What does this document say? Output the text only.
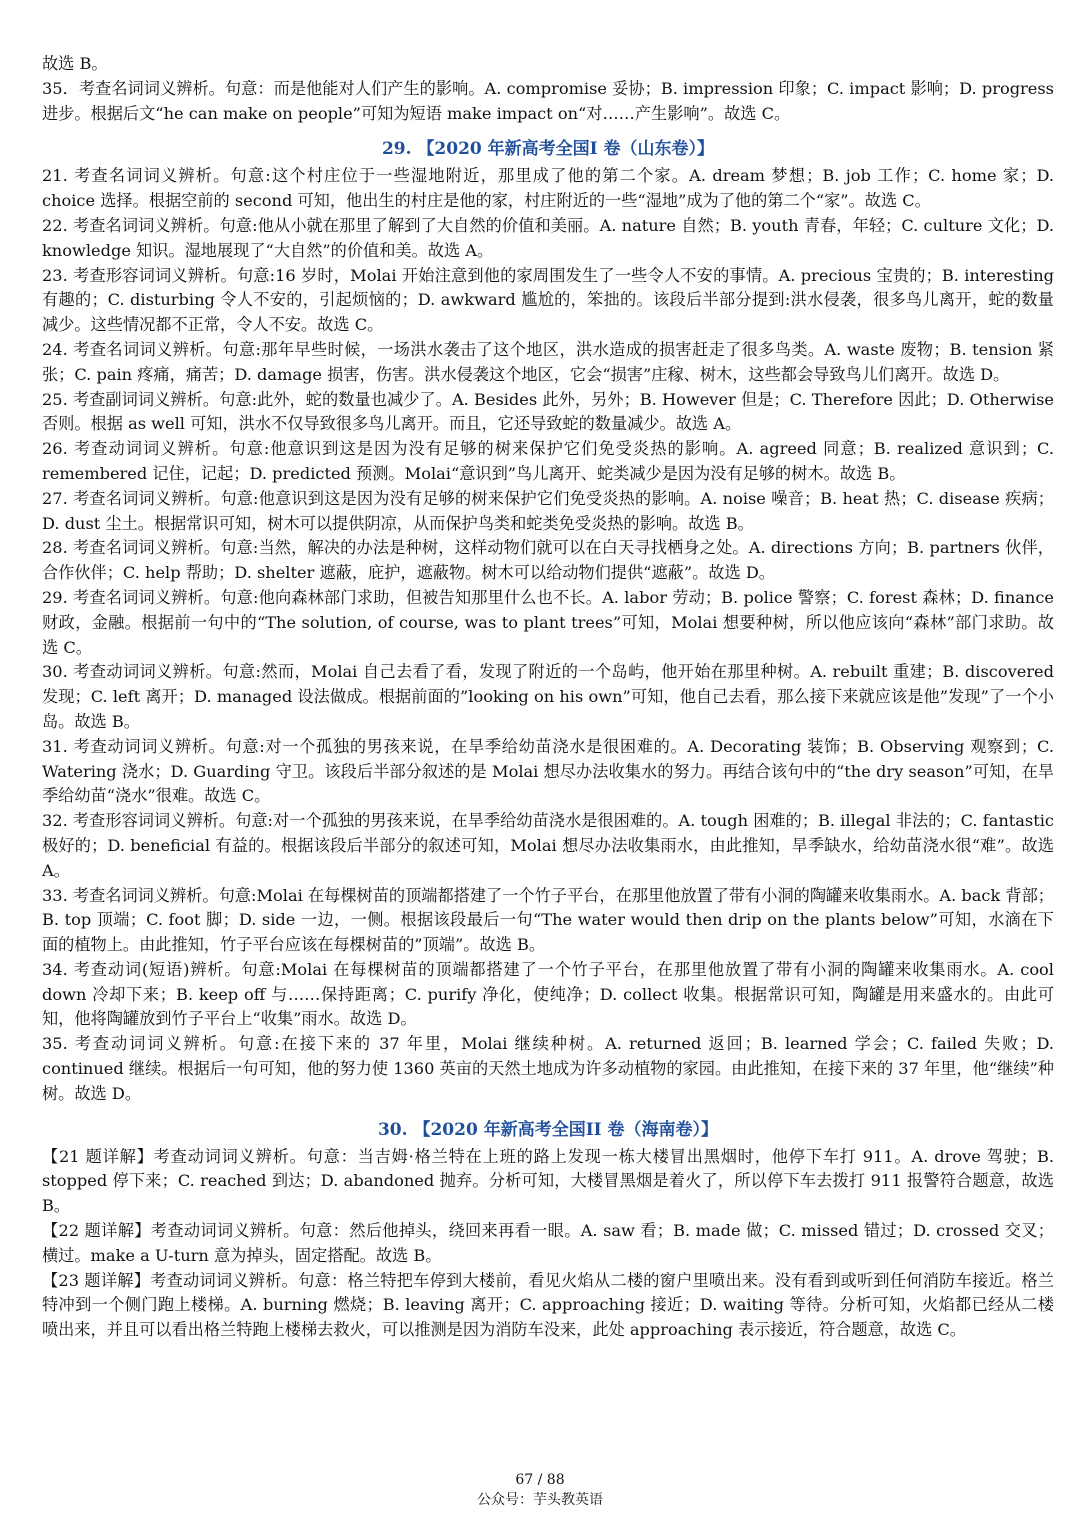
故选 B。

35．考查名词词义辨析。句意：而是他能对人们产生的影响。A. compromise 妥协；B. impression 印象；C. impact 影响；D. progress 进步。根据后文“he can make on people”可知为短语 make impact on“对……产生影响”。故选 C。

29. 【2020 年新高考全国I 卷（山东卷）】

21. 考查名词词义辨析。句意:这个村庄位于一些湿地附近，那里成了他的第二个家。A. dream 梦想；B. job 工作；C. home 家；D. choice 选择。根据空前的 second 可知，他出生的村庄是他的家，村庄附近的一些“湿地”成为了他的第二个“家”。故选 C。

22. 考查名词词义辨析。句意:他从小就在那里了解到了大自然的价值和美丽。A. nature 自然；B. youth 青春，年轻；C. culture 文化；D. knowledge 知识。湿地展现了“大自然”的价值和美。故选 A。

23. 考查形容词词义辨析。句意:16 岁时，Molai 开始注意到他的家周围发生了一些令人不安的事情。A. precious 宝贵的；B. interesting 有趣的；C. disturbing 令人不安的，引起烦恼的；D. awkward 尴尬的，笨拙的。该段后半部分提到:洪水侵袭，很多鸟儿离开，蛇的数量减少。这些情况都不正常，令人不安。故选 C。

24. 考查名词词义辨析。句意:那年早些时候，一场洪水袭击了这个地区，洪水造成的损害赶走了很多鸟类。A. waste 废物；B. tension 紧张；C. pain 疼痛，痛苦；D. damage 损害，伤害。洪水侵袭这个地区，它会“损害”庄稼、树木，这些都会导致鸟儿们离开。故选 D。

25. 考查副词词义辨析。句意:此外，蛇的数量也减少了。A. Besides 此外，另外；B. However 但是；C. Therefore 因此；D. Otherwise 否则。根据 as well 可知，洪水不仅导致很多鸟儿离开。而且，它还导致蛇的数量减少。故选 A。

26. 考查动词词义辨析。句意:他意识到这是因为没有足够的树来保护它们免受炎热的影响。A. agreed 同意；B. realized 意识到；C. remembered 记住，记起；D. predicted 预测。Molai“意识到”鸟儿离开、蛇类减少是因为没有足够的树木。故选 B。

27. 考查名词词义辨析。句意:他意识到这是因为没有足够的树来保护它们免受炎热的影响。A. noise 噪音；B. heat 热；C. disease 疾病；D. dust 尘土。根据常识可知，树木可以提供阴凉，从而保护鸟类和蛇类免受炎热的影响。故选 B。

28. 考查名词词义辨析。句意:当然，解决的办法是种树，这样动物们就可以在白天寻找栖身之处。A. directions 方向；B. partners 伙伴，合作伙伴；C. help 帮助；D. shelter 遮蔽，庇护，遮蔽物。树木可以给动物们提供“遮蔽”。故选 D。

29. 考查名词词义辨析。句意:他向森林部门求助，但被告知那里什么也不长。A. labor 劳动；B. police 警察；C. forest 森林；D. finance 财政，金融。根据前一句中的“The solution, of course, was to plant trees”可知，Molai 想要种树，所以他应该向“森林”部门求助。故选 C。

30. 考查动词词义辨析。句意:然而，Molai 自己去看了看，发现了附近的一个岛屿，他开始在那里种树。A. rebuilt 重建；B. discovered 发现；C. left 离开；D. managed 设法做成。根据前面的”looking on his own”可知，他自己去看，那么接下来就应该是他”发现”了一个小岛。故选 B。

31. 考查动词词义辨析。句意:对一个孤独的男孩来说，在旱季给幼苗浇水是很困难的。A. Decorating 装饰；B. Observing 观察到；C. Watering 浇水；D. Guarding 守卫。该段后半部分叙述的是 Molai 想尽办法收集水的努力。再结合该句中的“the dry season”可知，在旱季给幼苗“浇水”很难。故选 C。

32. 考查形容词词义辨析。句意:对一个孤独的男孩来说，在旱季给幼苗浇水是很困难的。A. tough 困难的；B. illegal 非法的；C. fantastic 极好的；D. beneficial 有益的。根据该段后半部分的叙述可知，Molai 想尽办法收集雨水，由此推知，旱季缺水，给幼苗浇水很“难”。故选 A。

33. 考查名词词义辨析。句意:Molai 在每棵树苗的顶端都搭建了一个竹子平台，在那里他放置了带有小洞的陶罐来收集雨水。A. back 背部；B. top 顶端；C. foot 脚；D. side 一边，一侧。根据该段最后一句“The water would then drip on the plants below”可知，水滴在下面的植物上。由此推知，竹子平台应该在每棵树苗的”顶端”。故选 B。

34. 考查动词(短语)辨析。句意:Molai 在每棵树苗的顶端都搭建了一个竹子平台，在那里他放置了带有小洞的陶罐来收集雨水。A. cool down 冷却下来；B. keep off 与……保持距离；C. purify 净化，使纯净；D. collect 收集。根据常识可知，陶罐是用来盛水的。由此可知，他将陶罐放到竹子平台上“收集”雨水。故选 D。

35. 考查动词词义辨析。句意:在接下来的 37 年里，Molai 继续种树。A. returned 返回；B. learned 学会；C. failed 失败；D. continued 继续。根据后一句可知，他的努力使 1360 英亩的天然土地成为许多动植物的家园。由此推知，在接下来的 37 年里，他“继续”种树。故选 D。

30. 【2020 年新高考全国II 卷（海南卷）】

【21 题详解】考查动词词义辨析。句意：当吉姆·格兰特在上班的路上发现一栋大楼冒出黑烟时，他停下车打 911。A. drove 驾驶；B. stopped 停下来；C. reached 到达；D. abandoned 抛弃。分析可知，大楼冒黑烟是着火了，所以停下车去拨打 911 报警符合题意，故选 B。

【22 题详解】考查动词词义辨析。句意：然后他掉头，绕回来再看一眼。A. saw 看；B. made 做；C. missed 错过；D. crossed 交叉；横过。make a U-turn 意为掉头，固定搭配。故选 B。

【23 题详解】考查动词词义辨析。句意：格兰特把车停到大楼前，看见火焰从二楼的窗户里喷出来。没有看到或听到任何消防车接近。格兰特冲到一个侧门跑上楼梯。A. burning 燃烧；B. leaving 离开；C. approaching 接近；D. waiting 等待。分析可知，火焰都已经从二楼喷出来，并且可以看出格兰特跑上楼梯去救火，可以推测是因为消防车没来，此处 approaching 表示接近，符合题意，故选 C。

67 / 88
公众号：芋头教英语
